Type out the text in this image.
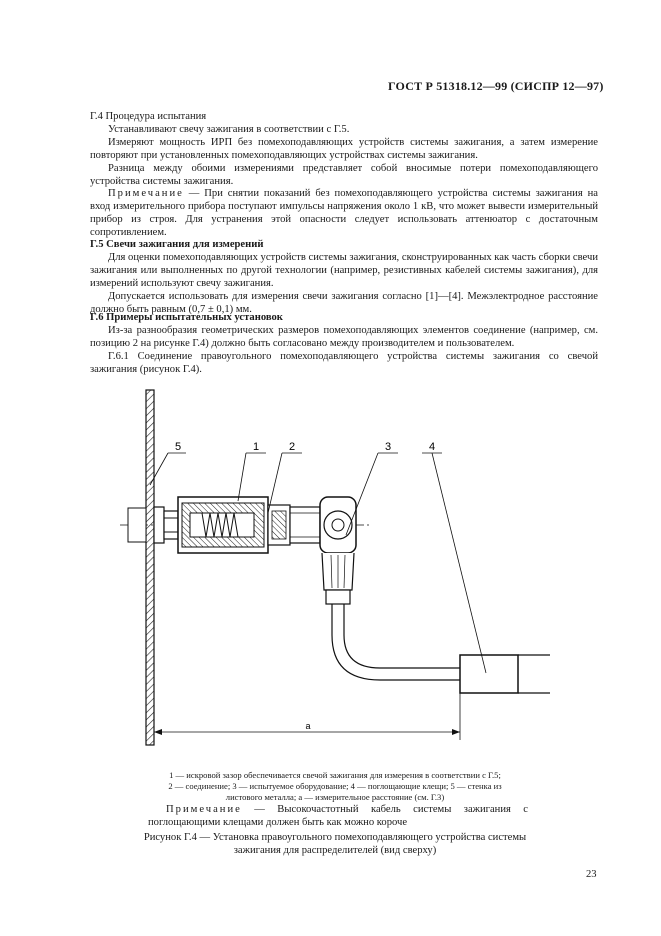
ГОСТ Р 51318.12—99 (СИСПР 12—97)
Г.4 Процедура испытания
Устанавливают свечу зажигания в соответствии с Г.5.
Измеряют мощность ИРП без помехоподавляющих устройств системы зажигания, а затем измерение повторяют при установленных помехоподавляющих устройствах системы зажигания.
Разница между обоими измерениями представляет собой вносимые потери помехоподавляющего устройства системы зажигания.
Примечание — При снятии показаний без помехоподавляющего устройства системы зажигания на вход измерительного прибора поступают импульсы напряжения около 1 кВ, что может вывести измерительный прибор из строя. Для устранения этой опасности следует использовать аттенюатор с достаточным сопротивлением.
Г.5 Свечи зажигания для измерений
Для оценки помехоподавляющих устройств системы зажигания, сконструированных как часть сборки свечи зажигания или выполненных по другой технологии (например, резистивных кабелей системы зажигания), для измерений используют свечу зажигания.
Допускается использовать для измерения свечи зажигания согласно [1]—[4]. Межэлектродное расстояние должно быть равным (0,7 ± 0,1) мм.
Г.6 Примеры испытательных установок
Из-за разнообразия геометрических размеров помехоподавляющих элементов соединение (например, см. позицию 2 на рисунке Г.4) должно быть согласовано между производителем и пользователем.
Г.6.1 Соединение правоугольного помехоподавляющего устройства системы зажигания со свечой зажигания (рисунок Г.4).
a
5	1	2	3	4
1 — искровой зазор обеспечивается свечой зажигания для измерения в соответствии с Г.5;
2 — соединение; 3 — испытуемое оборудование; 4 — поглощающие клещи; 5 — стенка из
листового металла; а — измерительное расстояние (см. Г.3)
Примечание — Высокочастотный кабель системы зажигания с поглощающими клещами должен быть как можно короче
Рисунок Г.4 — Установка правоугольного помехоподавляющего устройства системы зажигания для распределителей (вид сверху)
23
